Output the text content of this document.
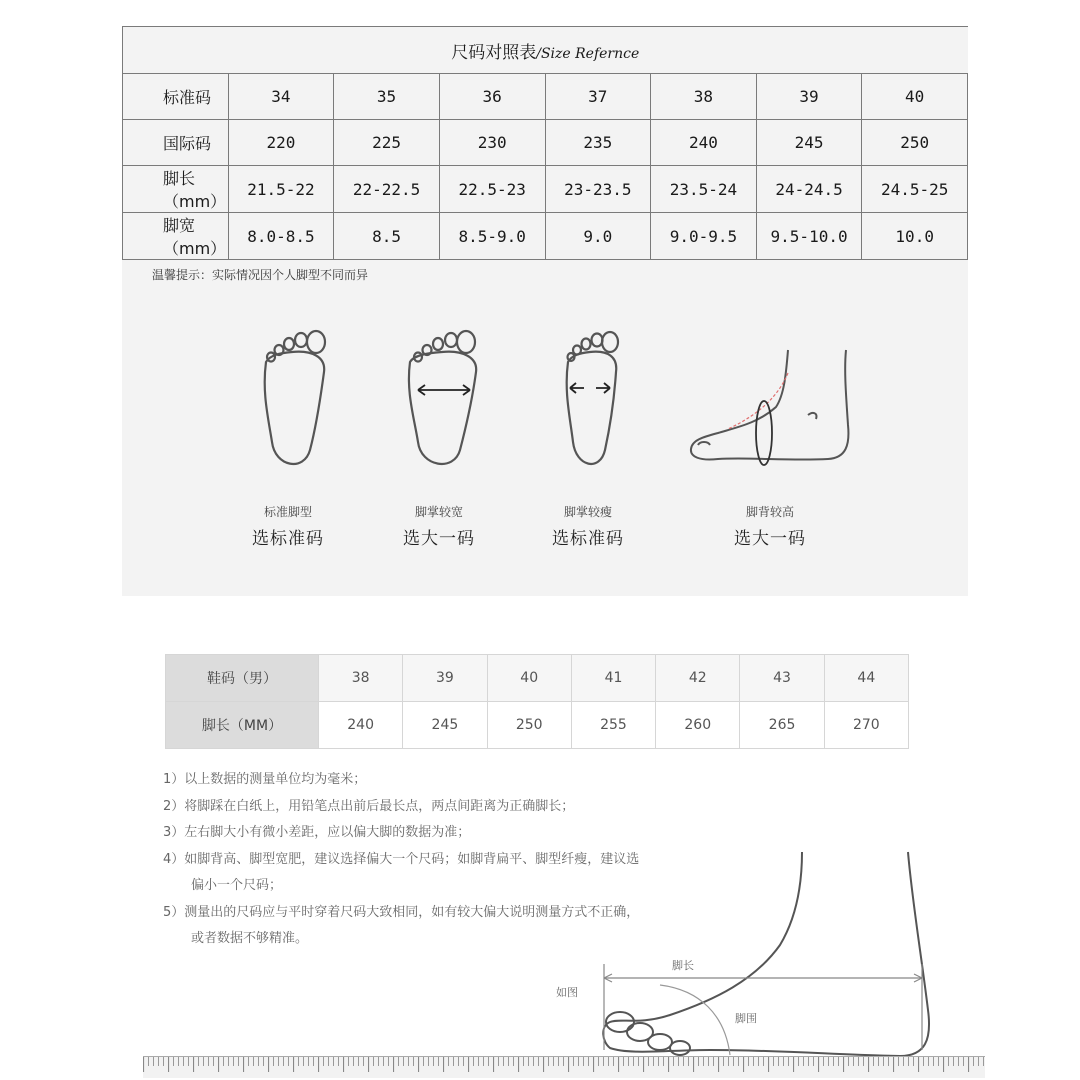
尺码对照表/Size Refernce							
标准码	34	35	36	37	38	39	40
国际码	220	225	230	235	240	245	250
脚长（mm）	21.5-22	22-22.5	22.5-23	23-23.5	23.5-24	24-24.5	24.5-25
脚宽（mm）	8.0-8.5	8.5	8.5-9.0	9.0	9.0-9.5	9.5-10.0	10.0
温馨提示：实际情况因个人脚型不同而异
标准脚型
选标准码
脚掌较宽
选大一码
脚掌较瘦
选标准码
脚背较高
选大一码
鞋码（男）	38	39	40	41	42	43	44
脚长（MM）	240	245	250	255	260	265	270
1）以上数据的测量单位均为毫米；
2）将脚踩在白纸上，用铅笔点出前后最长点，两点间距离为正确脚长；
3）左右脚大小有微小差距，应以偏大脚的数据为准；
4）如脚背高、脚型宽肥，建议选择偏大一个尺码；如脚背扁平、脚型纤瘦，建议选
偏小一个尺码；
5）测量出的尺码应与平时穿着尺码大致相同，如有较大偏大说明测量方式不正确，
或者数据不够精准。
脚长
如图
脚围
